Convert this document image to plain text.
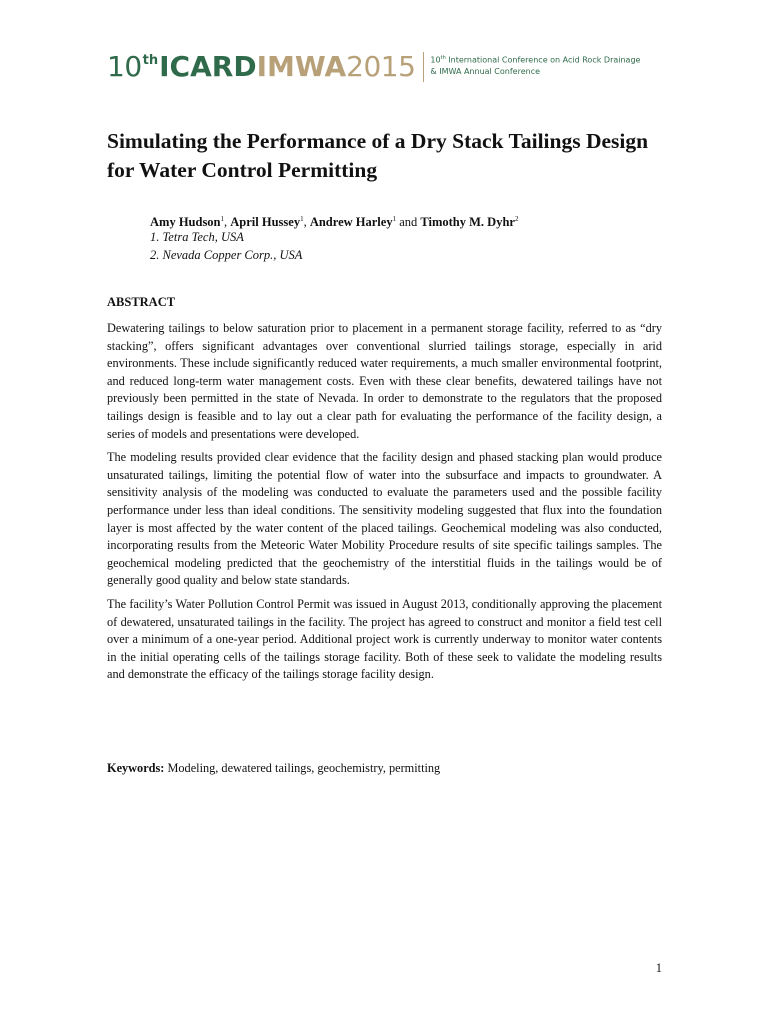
10 th ICARD IMWA 2015 10th International Conference on Acid Rock Drainage
& IMWA Annual Conference
Simulating the Performance of a Dry Stack Tailings Design for Water Control Permitting
Amy Hudson$^1$, April Hussey$^1$, Andrew Harley$^1$ and Timothy M. Dyhr$^2$
1. Tetra Tech, USA
2. Nevada Copper Corp., USA
ABSTRACT

Dewatering tailings to below saturation prior to placement in a permanent storage facility, referred to as “dry stacking”, offers significant advantages over conventional slurried tailings storage, especially in arid environments. These include significantly reduced water requirements, a much smaller environmental footprint, and reduced long-term water management costs. Even with these clear benefits, dewatered tailings have not previously been permitted in the state of Nevada. In order to demonstrate to the regulators that the proposed tailings design is feasible and to lay out a clear path for evaluating the performance of the facility design, a series of models and presentations were developed.

The modeling results provided clear evidence that the facility design and phased stacking plan would produce unsaturated tailings, limiting the potential flow of water into the subsurface and impacts to groundwater. A sensitivity analysis of the modeling was conducted to evaluate the parameters used and the possible facility performance under less than ideal conditions. The sensitivity modeling suggested that flux into the foundation layer is most affected by the water content of the placed tailings. Geochemical modeling was also conducted, incorporating results from the Meteoric Water Mobility Procedure results of site specific tailings samples. The geochemical modeling predicted that the geochemistry of the interstitial fluids in the tailings would be of generally good quality and below state standards.

The facility’s Water Pollution Control Permit was issued in August 2013, conditionally approving the placement of dewatered, unsaturated tailings in the facility. The project has agreed to construct and monitor a field test cell over a minimum of a one-year period. Additional project work is currently underway to monitor water contents in the initial operating cells of the tailings storage facility. Both of these seek to validate the modeling results and demonstrate the efficacy of the tailings storage facility design.

Keywords: Modeling, dewatered tailings, geochemistry, permitting
1
